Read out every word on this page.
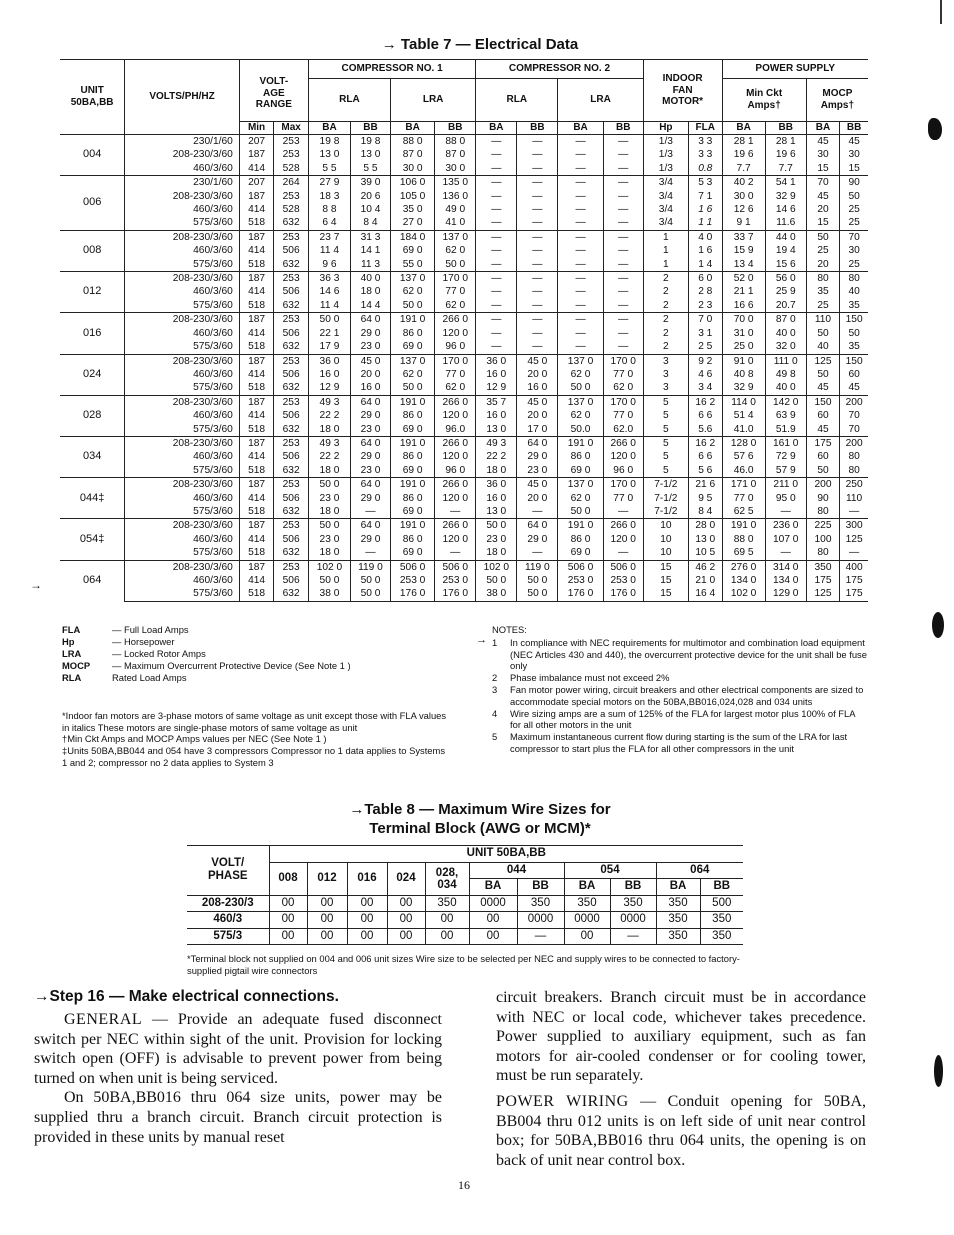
→ Table 7 — Electrical Data
UNIT 50BA,BB	VOLTS/PH/HZ	VOLT- AGE RANGE		COMPRESSOR NO. 1				COMPRESSOR NO. 2				INDOOR FAN MOTOR*		POWER SUPPLY			
				RLA		LRA		RLA		LRA				Min Ckt Amps†		MOCP Amps†	
		Min	Max	BA	BB	BA	BB	BA	BB	BA	BB	Hp	FLA	BA	BB	BA	BB
004	230/1/60	207	253	19 8	19 8	88 0	88 0	—	—	—	—	1/3	3 3	28 1	28 1	45	45
	208-230/3/60	187	253	13 0	13 0	87 0	87 0	—	—	—	—	1/3	3 3	19 6	19 6	30	30
	460/3/60	414	528	5 5	5 5	30 0	30 0	—	—	—	—	1/3	0.8	7.7	7.7	15	15
006	230/1/60	207	264	27 9	39 0	106 0	135 0	—	—	—	—	3/4	5 3	40 2	54 1	70	90
	208-230/3/60	187	253	18 3	20 6	105 0	136 0	—	—	—	—	3/4	7 1	30 0	32 9	45	50
	460/3/60	414	528	8 8	10 4	35 0	49 0	—	—	—	—	3/4	1 6	12 6	14 6	20	25
	575/3/60	518	632	6 4	8 4	27 0	41 0	—	—	—	—	3/4	1 1	9 1	11.6	15	25
008	208-230/3/60	187	253	23 7	31 3	184 0	137 0	—	—	—	—	1	4 0	33 7	44 0	50	70
	460/3/60	414	506	11 4	14 1	69 0	62 0	—	—	—	—	1	1 6	15 9	19 4	25	30
	575/3/60	518	632	9 6	11 3	55 0	50 0	—	—	—	—	1	1 4	13 4	15 6	20	25
012	208-230/3/60	187	253	36 3	40 0	137 0	170 0	—	—	—	—	2	6 0	52 0	56 0	80	80
	460/3/60	414	506	14 6	18 0	62 0	77 0	—	—	—	—	2	2 8	21 1	25 9	35	40
	575/3/60	518	632	11 4	14 4	50 0	62 0	—	—	—	—	2	2 3	16 6	20.7	25	35
016	208-230/3/60	187	253	50 0	64 0	191 0	266 0	—	—	—	—	2	7 0	70 0	87 0	110	150
	460/3/60	414	506	22 1	29 0	86 0	120 0	—	—	—	—	2	3 1	31 0	40 0	50	50
	575/3/60	518	632	17 9	23 0	69 0	96 0	—	—	—	—	2	2 5	25 0	32 0	40	35
024	208-230/3/60	187	253	36 0	45 0	137 0	170 0	36 0	45 0	137 0	170 0	3	9 2	91 0	111 0	125	150
	460/3/60	414	506	16 0	20 0	62 0	77 0	16 0	20 0	62 0	77 0	3	4 6	40 8	49 8	50	60
	575/3/60	518	632	12 9	16 0	50 0	62 0	12 9	16 0	50 0	62 0	3	3 4	32 9	40 0	45	45
028	208-230/3/60	187	253	49 3	64 0	191 0	266 0	35 7	45 0	137 0	170 0	5	16 2	114 0	142 0	150	200
	460/3/60	414	506	22 2	29 0	86 0	120 0	16 0	20 0	62 0	77 0	5	6 6	51 4	63 9	60	70
	575/3/60	518	632	18 0	23 0	69 0	96.0	13 0	17 0	50.0	62.0	5	5.6	41.0	51.9	45	70
034	208-230/3/60	187	253	49 3	64 0	191 0	266 0	49 3	64 0	191 0	266 0	5	16 2	128 0	161 0	175	200
	460/3/60	414	506	22 2	29 0	86 0	120 0	22 2	29 0	86 0	120 0	5	6 6	57 6	72 9	60	80
	575/3/60	518	632	18 0	23 0	69 0	96 0	18 0	23 0	69 0	96 0	5	5 6	46.0	57 9	50	80
044‡	208-230/3/60	187	253	50 0	64 0	191 0	266 0	36 0	45 0	137 0	170 0	7-1/2	21 6	171 0	211 0	200	250
	460/3/60	414	506	23 0	29 0	86 0	120 0	16 0	20 0	62 0	77 0	7-1/2	9 5	77 0	95 0	90	110
	575/3/60	518	632	18 0	—	69 0	—	13 0	—	50 0	—	7-1/2	8 4	62 5	—	80	—
054‡	208-230/3/60	187	253	50 0	64 0	191 0	266 0	50 0	64 0	191 0	266 0	10	28 0	191 0	236 0	225	300
	460/3/60	414	506	23 0	29 0	86 0	120 0	23 0	29 0	86 0	120 0	10	13 0	88 0	107 0	100	125
	575/3/60	518	632	18 0	—	69 0	—	18 0	—	69 0	—	10	10 5	69 5	—	80	—
064	208-230/3/60	187	253	102 0	119 0	506 0	506 0	102 0	119 0	506 0	506 0	15	46 2	276 0	314 0	350	400
	460/3/60	414	506	50 0	50 0	253 0	253 0	50 0	50 0	253 0	253 0	15	21 0	134 0	134 0	175	175
	575/3/60	518	632	38 0	50 0	176 0	176 0	38 0	50 0	176 0	176 0	15	16 4	102 0	129 0	125	175
→
FLA	— Full Load Amps
Hp	— Horsepower
LRA	— Locked Rotor Amps
MOCP — Maximum Overcurrent Protective Device (See Note 1 )
RLA	Rated Load Amps
*Indoor fan motors are 3-phase motors of same voltage as unit except those with FLA values in italics These motors are single-phase motors of same voltage as unit
†Min Ckt Amps and MOCP Amps values per NEC (See Note 1 )
‡Units 50BA,BB044 and 054 have 3 compressors Compressor no 1 data applies to Systems 1 and 2; compressor no 2 data applies to System 3
NOTES:
1	In compliance with NEC requirements for multimotor and combination load equipment (NEC Articles 430 and 440), the overcurrent protective device for the unit shall be fuse only
2	Phase imbalance must not exceed 2%
3	Fan motor power wiring, circuit breakers and other electrical components are sized to accommodate special motors on the 50BA,BB016,024,028 and 034 units
4	Wire sizing amps are a sum of 125% of the FLA for largest motor plus 100% of FLA for all other motors in the unit
5	Maximum instantaneous current flow during starting is the sum of the LRA for last compressor to start plus the FLA for all other compressors in the unit
→
→Table 8 — Maximum Wire Sizes for
Terminal Block (AWG or MCM)*
VOLT/ PHASE	UNIT 50BA,BB										
	008	012	016	024	028, 034	044		054		064	
						BA	BB	BA	BB	BA	BB
208-230/3	00	00	00	00	350	0000	350	350	350	350	500
460/3	00	00	00	00	00	00	0000	0000	0000	350	350
575/3	00	00	00	00	00	00	—	00	—	350	350
*Terminal block not supplied on 004 and 006 unit sizes Wire size to be selected per NEC and supply wires to be connected to factory-supplied pigtail wire connectors
→Step 16 — Make electrical connections.
GENERAL — Provide an adequate fused disconnect switch per NEC within sight of the unit. Provision for locking switch open (OFF) is advisable to prevent power from being turned on when unit is being serviced.
On 50BA,BB016 thru 064 size units, power may be supplied thru a branch circuit. Branch circuit protection is provided in these units by manual reset
circuit breakers. Branch circuit must be in accordance with NEC or local code, whichever takes precedence. Power supplied to auxiliary equipment, such as fan motors for air-cooled condenser or for cooling tower, must be run separately.
POWER WIRING — Conduit opening for 50BA, BB004 thru 012 units is on left side of unit near control box; for 50BA,BB016 thru 064 units, the opening is on back of unit near control box.
16
